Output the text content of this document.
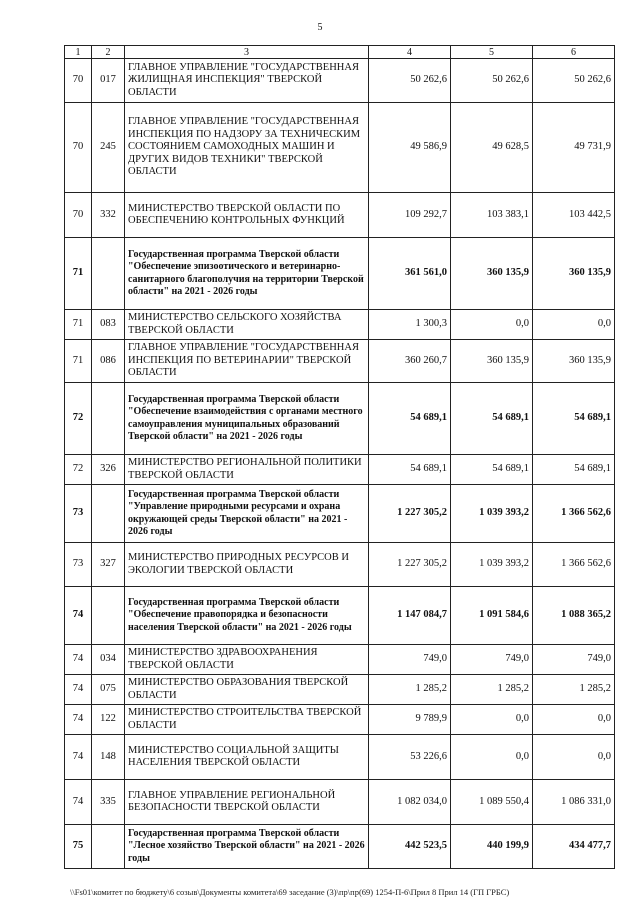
5
1	2	3	4	5	6
70	017	ГЛАВНОЕ УПРАВЛЕНИЕ "ГОСУДАРСТВЕННАЯ ЖИЛИЩНАЯ ИНСПЕКЦИЯ" ТВЕРСКОЙ ОБЛАСТИ	50 262,6	50 262,6	50 262,6
70	245	ГЛАВНОЕ УПРАВЛЕНИЕ "ГОСУДАРСТВЕННАЯ ИНСПЕКЦИЯ ПО НАДЗОРУ ЗА ТЕХНИЧЕСКИМ СОСТОЯНИЕМ САМОХОДНЫХ МАШИН И ДРУГИХ ВИДОВ ТЕХНИКИ" ТВЕРСКОЙ ОБЛАСТИ	49 586,9	49 628,5	49 731,9
70	332	МИНИСТЕРСТВО ТВЕРСКОЙ ОБЛАСТИ ПО ОБЕСПЕЧЕНИЮ КОНТРОЛЬНЫХ ФУНКЦИЙ	109 292,7	103 383,1	103 442,5
71		Государственная программа Тверской области "Обеспечение эпизоотического и ветеринарно-санитарного благополучия на территории Тверской области" на 2021 - 2026 годы	361 561,0	360 135,9	360 135,9
71	083	МИНИСТЕРСТВО СЕЛЬСКОГО ХОЗЯЙСТВА ТВЕРСКОЙ ОБЛАСТИ	1 300,3	0,0	0,0
71	086	ГЛАВНОЕ УПРАВЛЕНИЕ "ГОСУДАРСТВЕННАЯ ИНСПЕКЦИЯ ПО ВЕТЕРИНАРИИ" ТВЕРСКОЙ ОБЛАСТИ	360 260,7	360 135,9	360 135,9
72		Государственная программа Тверской области "Обеспечение взаимодействия с органами местного самоуправления муниципальных образований Тверской области" на 2021 - 2026 годы	54 689,1	54 689,1	54 689,1
72	326	МИНИСТЕРСТВО РЕГИОНАЛЬНОЙ ПОЛИТИКИ ТВЕРСКОЙ ОБЛАСТИ	54 689,1	54 689,1	54 689,1
73		Государственная программа Тверской области "Управление природными ресурсами и охрана окружающей среды Тверской области" на 2021 - 2026 годы	1 227 305,2	1 039 393,2	1 366 562,6
73	327	МИНИСТЕРСТВО ПРИРОДНЫХ РЕСУРСОВ И ЭКОЛОГИИ ТВЕРСКОЙ ОБЛАСТИ	1 227 305,2	1 039 393,2	1 366 562,6
74		Государственная программа Тверской области "Обеспечение правопорядка и безопасности населения Тверской области" на 2021 - 2026 годы	1 147 084,7	1 091 584,6	1 088 365,2
74	034	МИНИСТЕРСТВО ЗДРАВООХРАНЕНИЯ ТВЕРСКОЙ ОБЛАСТИ	749,0	749,0	749,0
74	075	МИНИСТЕРСТВО ОБРАЗОВАНИЯ ТВЕРСКОЙ ОБЛАСТИ	1 285,2	1 285,2	1 285,2
74	122	МИНИСТЕРСТВО СТРОИТЕЛЬСТВА ТВЕРСКОЙ ОБЛАСТИ	9 789,9	0,0	0,0
74	148	МИНИСТЕРСТВО СОЦИАЛЬНОЙ ЗАЩИТЫ НАСЕЛЕНИЯ ТВЕРСКОЙ ОБЛАСТИ	53 226,6	0,0	0,0
74	335	ГЛАВНОЕ УПРАВЛЕНИЕ РЕГИОНАЛЬНОЙ БЕЗОПАСНОСТИ ТВЕРСКОЙ ОБЛАСТИ	1 082 034,0	1 089 550,4	1 086 331,0
75		Государственная программа Тверской области "Лесное хозяйство Тверской области" на 2021 - 2026 годы	442 523,5	440 199,9	434 477,7
\\Fs01\комитет по бюджету\6 созыв\Документы комитета\69 заседание (3)\пр\пр(69) 1254-П-6\Прил 8 Прил 14 (ГП ГРБС)
